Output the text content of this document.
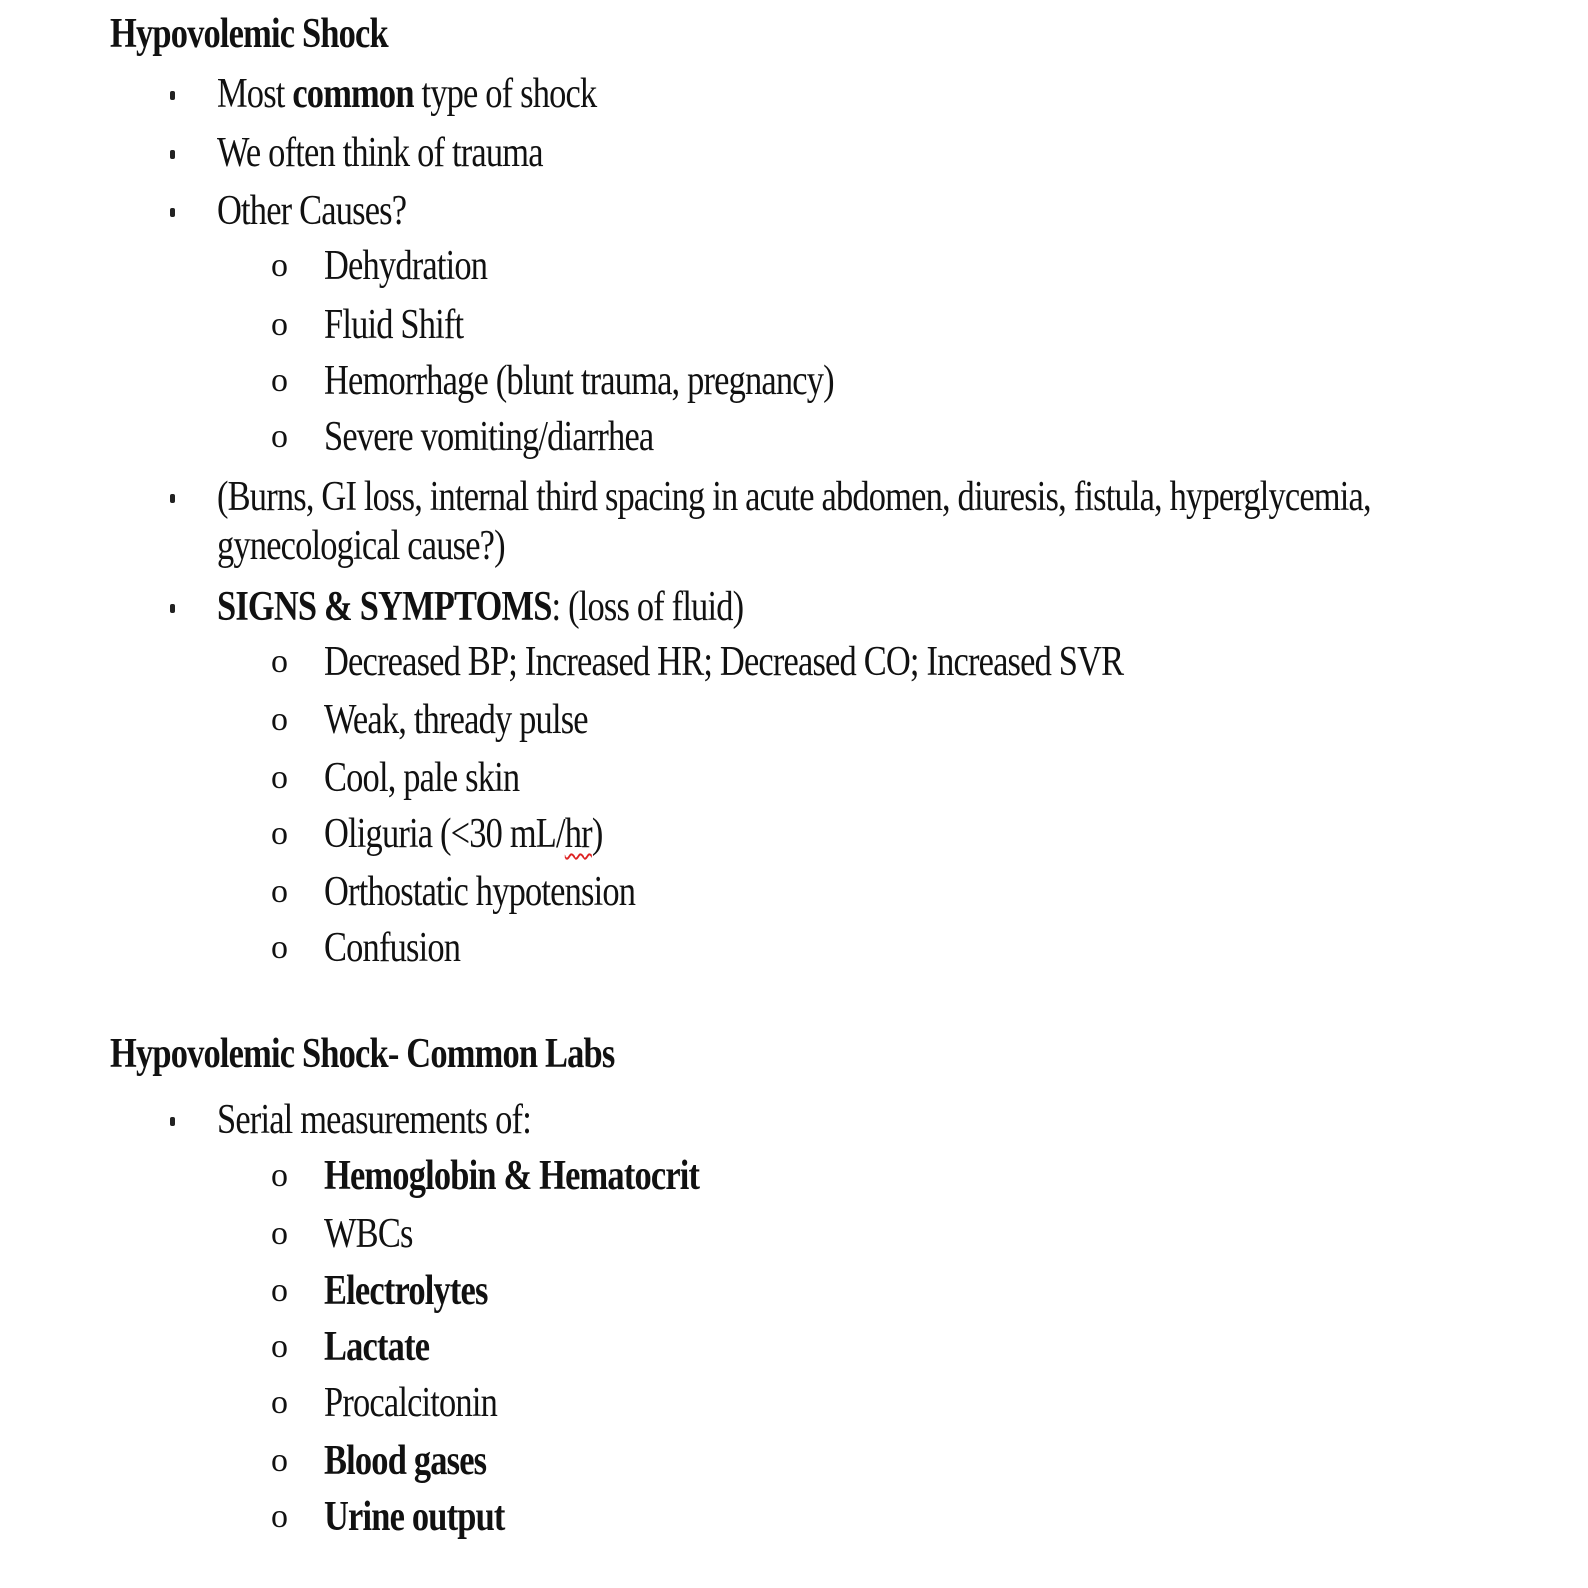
Hypovolemic Shock
Most common type of shock
We often think of trauma
Other Causes?
o Dehydration
o Fluid Shift
o Hemorrhage (blunt trauma, pregnancy)
o Severe vomiting/diarrhea
(Burns, GI loss, internal third spacing in acute abdomen, diuresis, fistula, hyperglycemia,
gynecological cause?)
SIGNS & SYMPTOMS: (loss of fluid)
o Decreased BP; Increased HR; Decreased CO; Increased SVR
o Weak, thready pulse
o Cool, pale skin
o Oliguria (<30 mL/hr)
o Orthostatic hypotension
o Confusion
Hypovolemic Shock- Common Labs
Serial measurements of:
o Hemoglobin & Hematocrit
o WBCs
o Electrolytes
o Lactate
o Procalcitonin
o Blood gases
o Urine output
